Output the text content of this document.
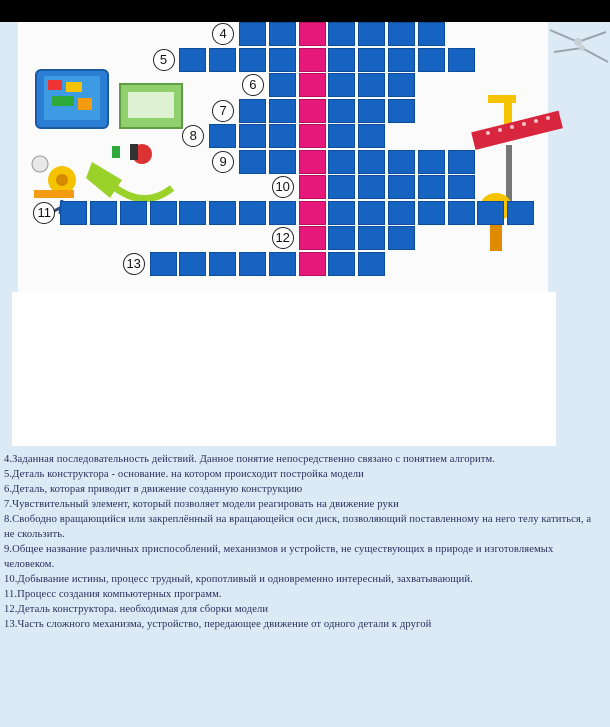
4
5
6
7
8
9
10
11
12
13
4.Заданная последовательность действий. Данное понятие непосредственно связано с понятием алгоритм.
5.Деталь конструктора - основание. на котором происходит постройка модели
6.Деталь, которая приводит в движение созданную конструкцию
7.Чувствительный элемент, который позволяет модели реагировать на движение руки
8.Свободно вращающийся или закреплённый на вращающейся оси диск, позволяющий поставленному на него телу катиться, а не скользить.
9.Общее название различных приспособлений, механизмов и устройств, не существующих в природе и изготовляемых человеком.
10.Добывание истины, процесс трудный, кропотливый и одновременно интересный, захватывающий.
11.Процесс создания компьютерных программ.
12.Деталь конструктора. необходимая для сборки модели
13.Часть сложного механизма, устройство, передающее движение от одного детали к другой
